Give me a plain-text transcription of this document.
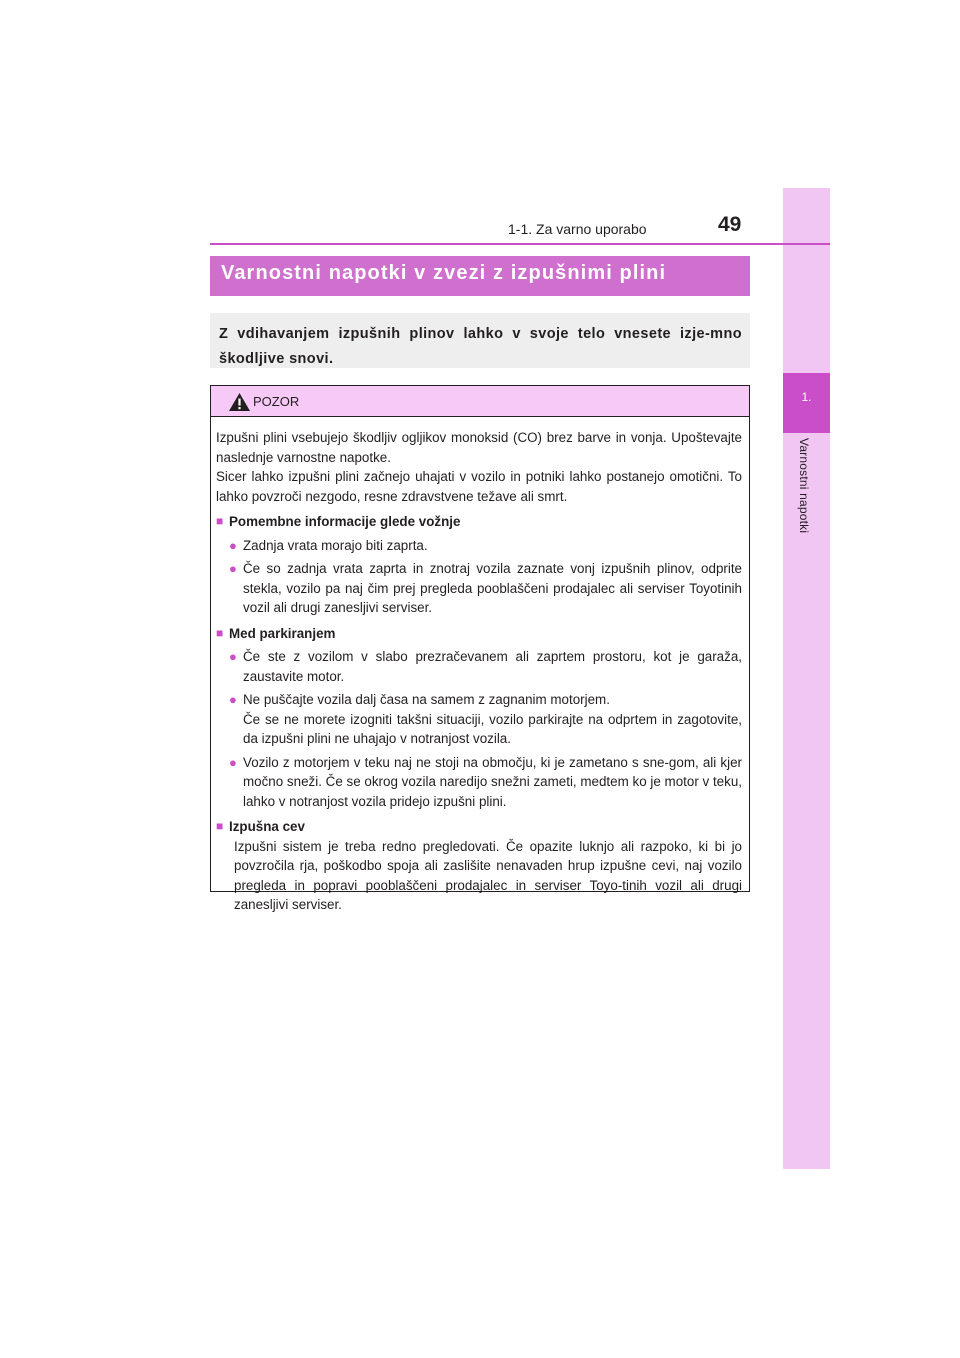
1.
Varnostni napotki
1-1. Za varno uporabo	49
Varnostni napotki v zvezi z izpušnimi plini
Z vdihavanjem izpušnih plinov lahko v svoje telo vnesete izje-mno škodljive snovi.
POZOR

Izpušni plini vsebujejo škodljiv ogljikov monoksid (CO) brez barve in vonja. Upoštevajte naslednje varnostne napotke.

Sicer lahko izpušni plini začnejo uhajati v vozilo in potniki lahko postanejo omotični. To lahko povzroči nezgodo, resne zdravstvene težave ali smrt.

■ Pomembne informacije glede vožnje
● Zadnja vrata morajo biti zaprta.
● Če so zadnja vrata zaprta in znotraj vozila zaznate vonj izpušnih plinov, odprite stekla, vozilo pa naj čim prej pregleda pooblaščeni prodajalec ali serviser Toyotinih vozil ali drugi zanesljivi serviser.
■ Med parkiranjem
● Če ste z vozilom v slabo prezračevanem ali zaprtem prostoru, kot je garaža, zaustavite motor.
● Ne puščajte vozila dalj časa na samem z zagnanim motorjem.
Če se ne morete izogniti takšni situaciji, vozilo parkirajte na odprtem in zagotovite, da izpušni plini ne uhajajo v notranjost vozila.
● Vozilo z motorjem v teku naj ne stoji na območju, ki je zametano s sne-gom, ali kjer močno sneži. Če se okrog vozila naredijo snežni zameti, medtem ko je motor v teku, lahko v notranjost vozila pridejo izpušni plini.
■ Izpušna cev

Izpušni sistem je treba redno pregledovati. Če opazite luknjo ali razpoko, ki bi jo povzročila rja, poškodbo spoja ali zaslišite nenavaden hrup izpušne cevi, naj vozilo pregleda in popravi pooblaščeni prodajalec in serviser Toyo-tinih vozil ali drugi zanesljivi serviser.
